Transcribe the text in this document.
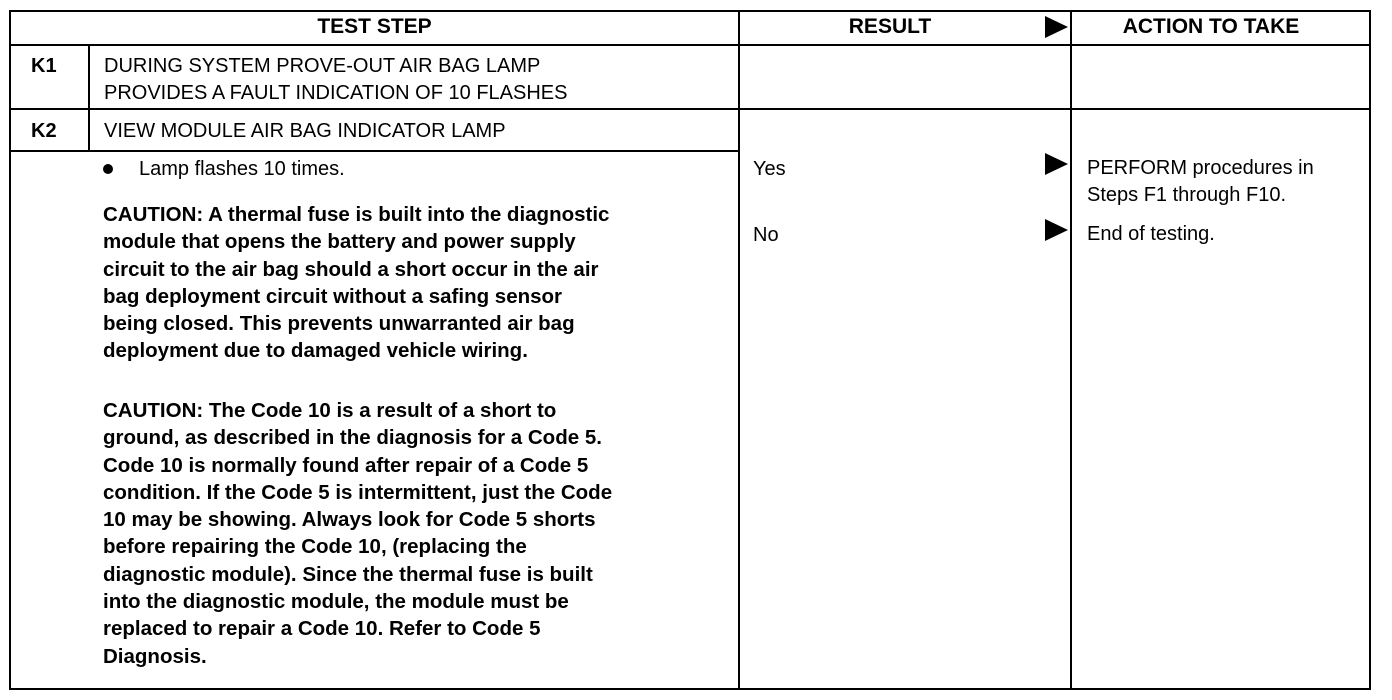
TEST STEP	RESULT	ACTION TO TAKE
K1 DURING SYSTEM PROVE-OUT AIR BAG LAMP
PROVIDES A FAULT INDICATION OF 10 FLASHES
K2 VIEW MODULE AIR BAG INDICATOR LAMP
Lamp flashes 10 times.
CAUTION: A thermal fuse is built into the diagnostic
module that opens the battery and power supply
circuit to the air bag should a short occur in the air
bag deployment circuit without a safing sensor
being closed. This prevents unwarranted air bag
deployment due to damaged vehicle wiring.
CAUTION: The Code 10 is a result of a short to
ground, as described in the diagnosis for a Code 5.
Code 10 is normally found after repair of a Code 5
condition. If the Code 5 is intermittent, just the Code
10 may be showing. Always look for Code 5 shorts
before repairing the Code 10, (replacing the
diagnostic module). Since the thermal fuse is built
into the diagnostic module, the module must be
replaced to repair a Code 10. Refer to Code 5
Diagnosis.
Yes	PERFORM procedures in
Steps F1 through F10.
No	End of testing.
